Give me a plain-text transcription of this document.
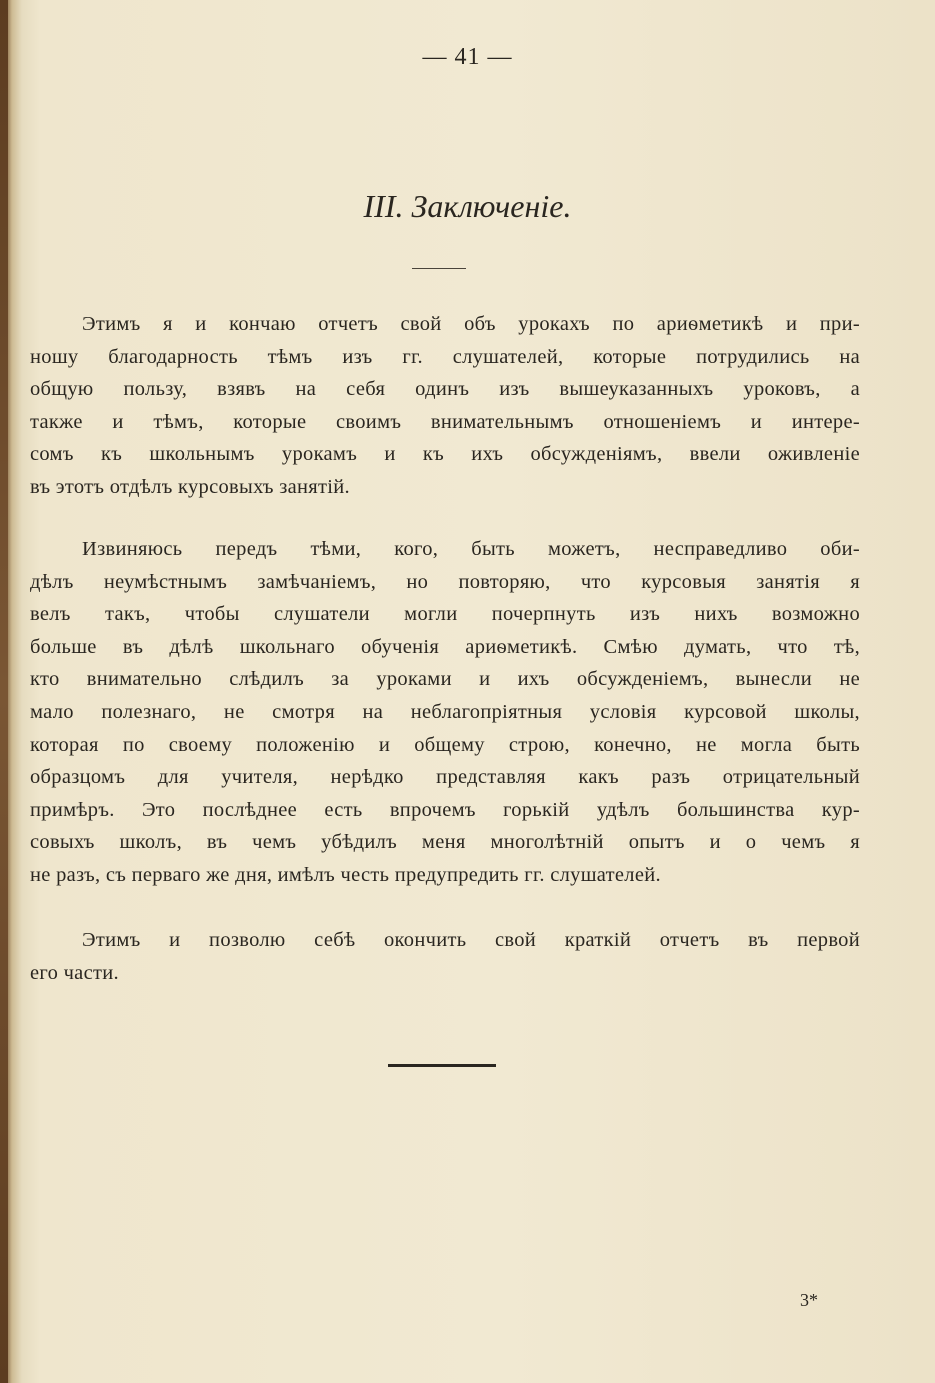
— 41 —
III. Заключеніе.
Этимъ я и кончаю отчетъ свой объ урокахъ по ариѳметикѣ и при-
ношу благодарность тѣмъ изъ гг. слушателей, которые потрудились на
общую пользу, взявъ на себя одинъ изъ вышеуказанныхъ уроковъ, а
также и тѣмъ, которые своимъ внимательнымъ отношеніемъ и интере-
сомъ къ школьнымъ урокамъ и къ ихъ обсужденіямъ, ввели оживленіе
въ этотъ отдѣлъ курсовыхъ занятій.
Извиняюсь передъ тѣми, кого, быть можетъ, несправедливо оби-
дѣлъ неумѣстнымъ замѣчаніемъ, но повторяю, что курсовыя занятія я
велъ такъ, чтобы слушатели могли почерпнуть изъ нихъ возможно
больше въ дѣлѣ школьнаго обученія ариѳметикѣ. Смѣю думать, что тѣ,
кто внимательно слѣдилъ за уроками и ихъ обсужденіемъ, вынесли не
мало полезнаго, не смотря на неблагопріятныя условія курсовой школы,
которая по своему положенію и общему строю, конечно, не могла быть
образцомъ для учителя, нерѣдко представляя какъ разъ отрицательный
примѣръ. Это послѣднее есть впрочемъ горькій удѣлъ большинства кур-
совыхъ школъ, въ чемъ убѣдилъ меня многолѣтній опытъ и о чемъ я
не разъ, съ перваго же дня, имѣлъ честь предупредить гг. слушателей.
Этимъ и позволю себѣ окончить свой краткій отчетъ въ первой
его части.
3*
